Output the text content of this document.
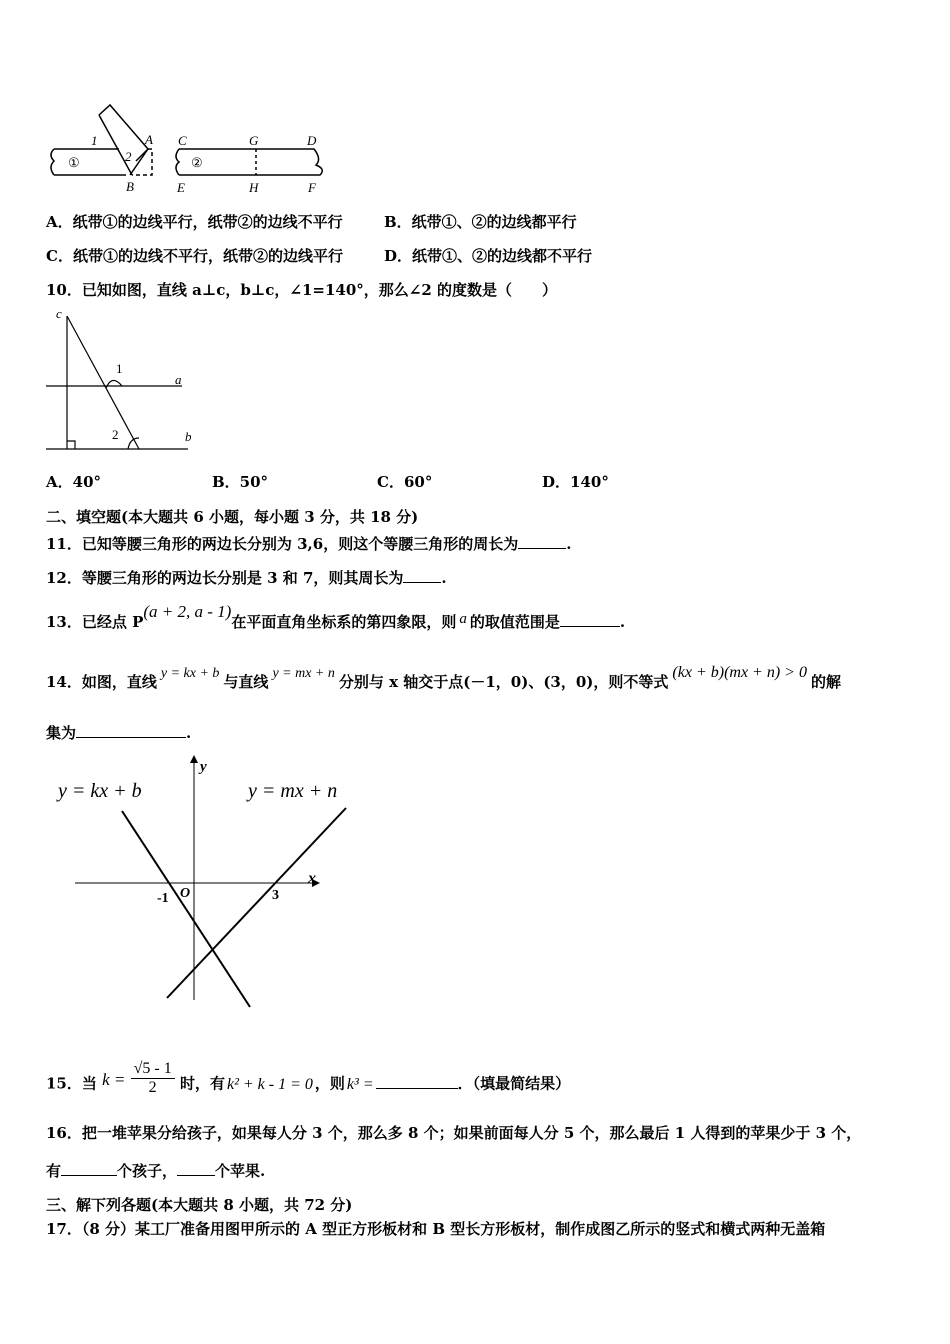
1	A
2
B
①
C	G	D
②
E	H	F
A．纸带①的边线平行，纸带②的边线不平行	B．纸带①、②的边线都平行
C．纸带①的边线不平行，纸带②的边线平行	D．纸带①、②的边线都不平行
10．已知如图，直线 a⊥c，b⊥c，∠1=140°，那么∠2 的度数是（　　）
c
1
a
2	b
A．40°	B．50°	C．60°	D．140°
二、填空题(本大题共 6 小题，每小题 3 分，共 18 分)
11．已知等腰三角形的两边长分别为 3,6，则这个等腰三角形的周长为	.
12．等腰三角形的两边长分别是 3 和 7，则其周长为	.
13．已经点 P(a + 2, a - 1)在平面直角坐标系的第四象限，则 a 的取值范围是	.
14．如图，直线 y = kx + b 与直线 y = mx + n 分别与 x 轴交于点(－1，0)、(3，0)，则不等式(kx + b)(mx + n) > 0的解
集为	.
y = kx + b	y = mx + n
x
y
O
-1	3
15．当 $k = \frac{√5 - 1}{2}$ 时，有 k² + k - 1 = 0 ，则 k³ =	．（填最简结果）
16．把一堆苹果分给孩子，如果每人分 3 个，那么多 8 个；如果前面每人分 5 个，那么最后 1 人得到的苹果少于 3 个，
有	个孩子，	个苹果.
三、解下列各题(本大题共 8 小题，共 72 分)
17．（8 分）某工厂准备用图甲所示的 A 型正方形板材和 B 型长方形板材，制作成图乙所示的竖式和横式两种无盖箱
